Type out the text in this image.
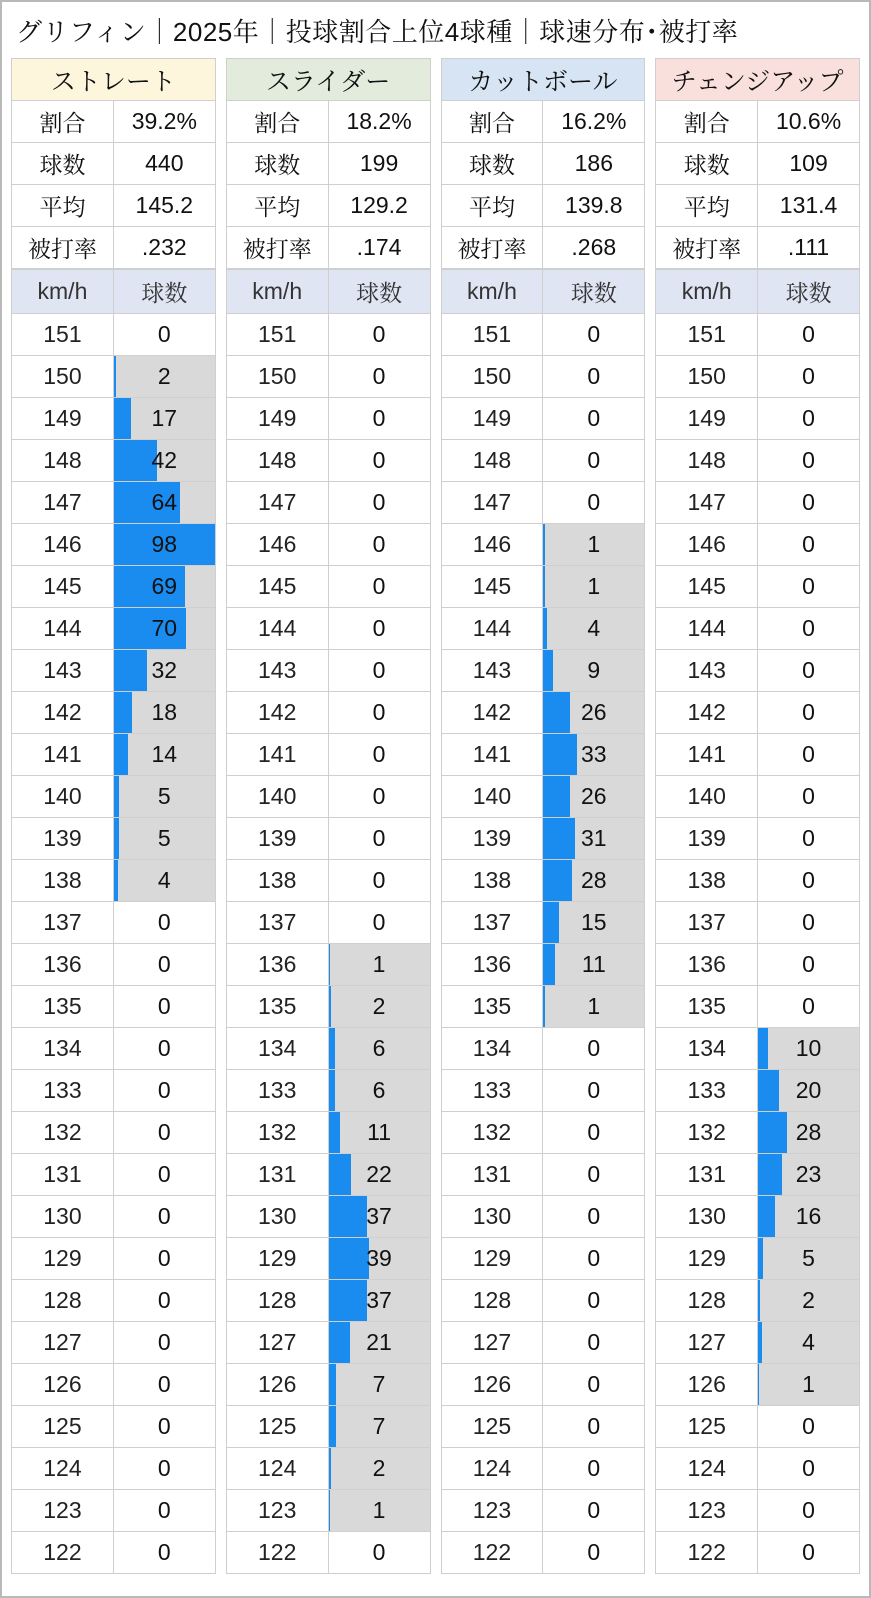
グリフィン｜2025年｜投球割合上位4球種｜球速分布･被打率
ストレート	
割合	39.2%
球数	440
平均	145.2
被打率	.232
km/h	球数
151	0
150	2
149	17
148	42
147	64
146	98
145	69
144	70
143	32
142	18
141	14
140	5
139	5
138	4
137	0
136	0
135	0
134	0
133	0
132	0
131	0
130	0
129	0
128	0
127	0
126	0
125	0
124	0
123	0
122	0
スライダー	
割合	18.2%
球数	199
平均	129.2
被打率	.174
km/h	球数
151	0
150	0
149	0
148	0
147	0
146	0
145	0
144	0
143	0
142	0
141	0
140	0
139	0
138	0
137	0
136	1
135	2
134	6
133	6
132	11
131	22
130	37
129	39
128	37
127	21
126	7
125	7
124	2
123	1
122	0
カットボール	
割合	16.2%
球数	186
平均	139.8
被打率	.268
km/h	球数
151	0
150	0
149	0
148	0
147	0
146	1
145	1
144	4
143	9
142	26
141	33
140	26
139	31
138	28
137	15
136	11
135	1
134	0
133	0
132	0
131	0
130	0
129	0
128	0
127	0
126	0
125	0
124	0
123	0
122	0
チェンジアップ	
割合	10.6%
球数	109
平均	131.4
被打率	.111
km/h	球数
151	0
150	0
149	0
148	0
147	0
146	0
145	0
144	0
143	0
142	0
141	0
140	0
139	0
138	0
137	0
136	0
135	0
134	10
133	20
132	28
131	23
130	16
129	5
128	2
127	4
126	1
125	0
124	0
123	0
122	0
